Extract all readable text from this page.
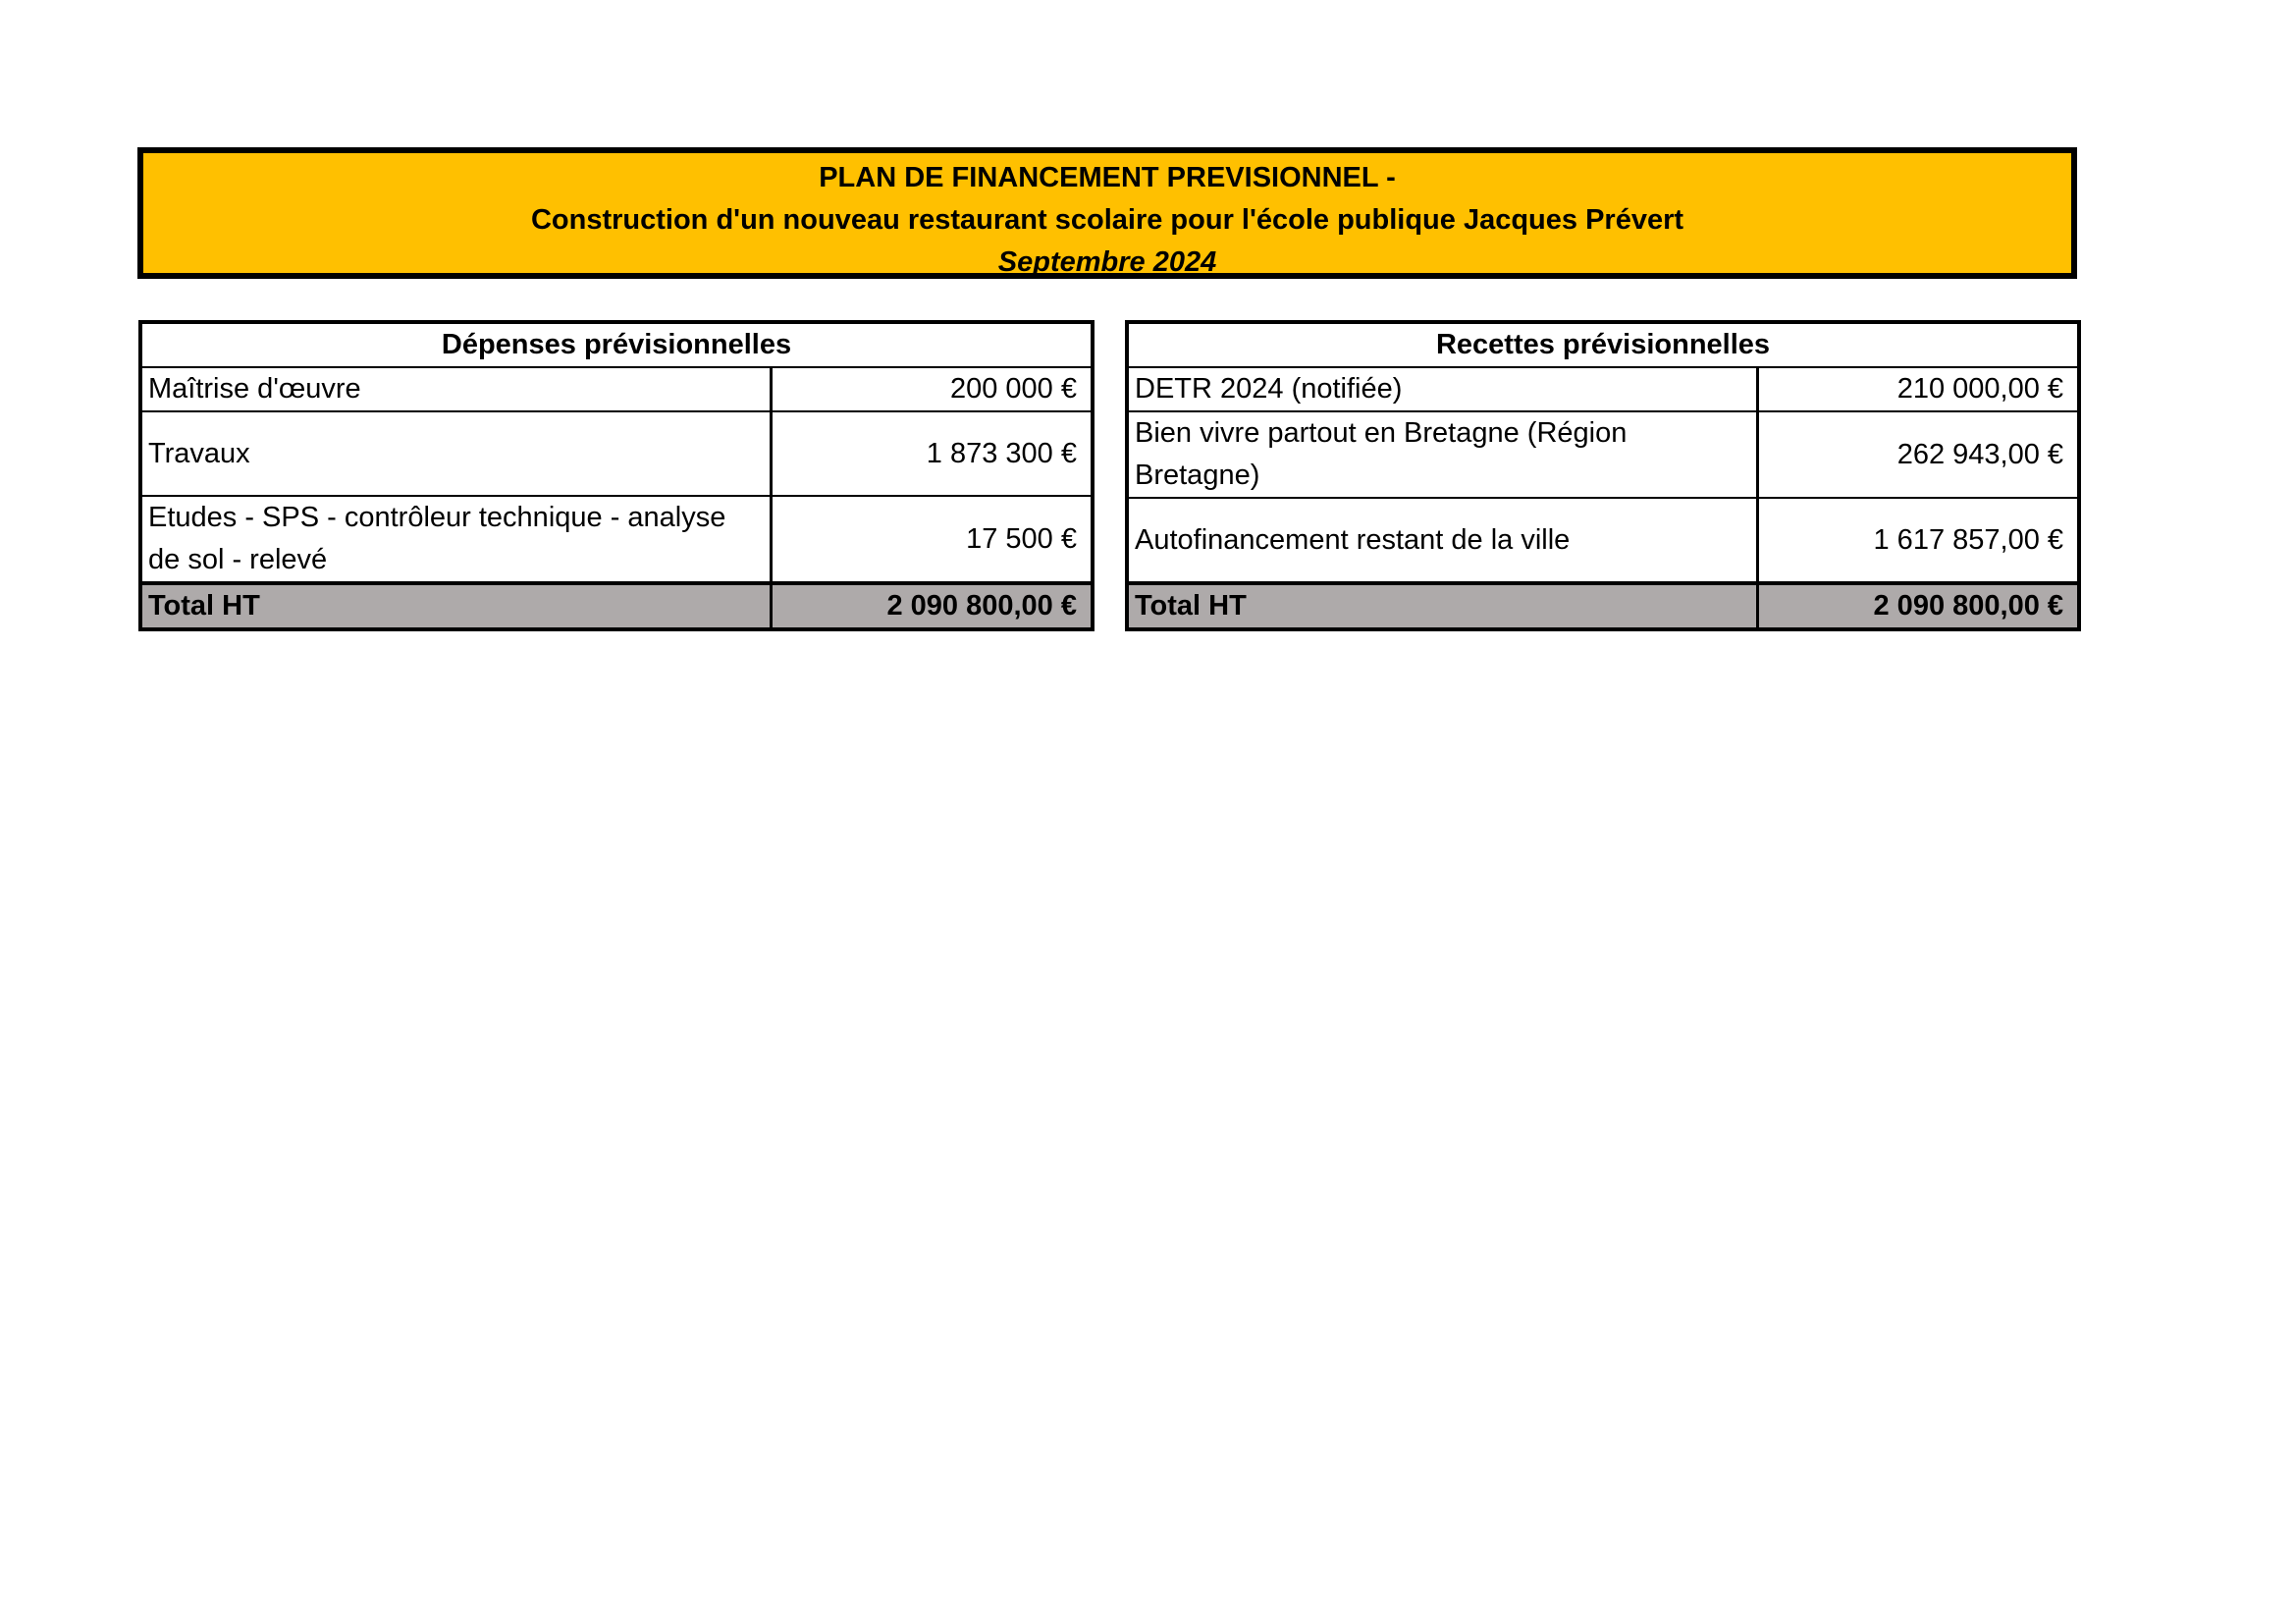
PLAN DE FINANCEMENT PREVISIONNEL -
Construction d'un nouveau restaurant scolaire pour l'école publique Jacques Prévert
Septembre 2024
Dépenses prévisionnelles	
Maîtrise d'œuvre	200 000 €
Travaux	1 873 300 €
Etudes - SPS - contrôleur technique - analyse de sol - relevé	17 500 €
Total HT	2 090 800,00 €
Recettes prévisionnelles	
DETR 2024 (notifiée)	210 000,00 €
Bien vivre partout en Bretagne (Région Bretagne)	262 943,00 €
Autofinancement restant de la ville	1 617 857,00 €
Total HT	2 090 800,00 €
